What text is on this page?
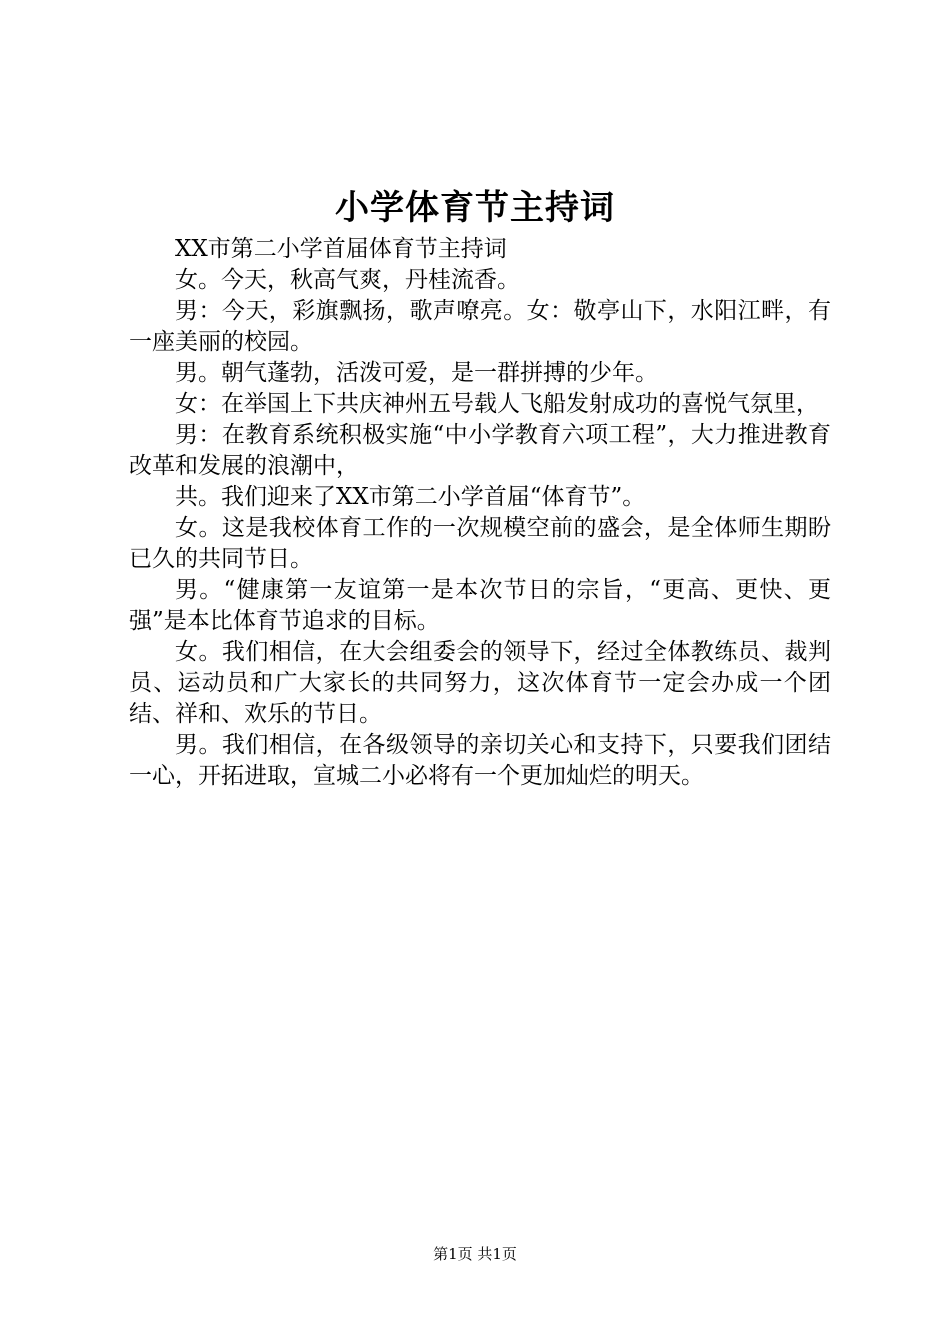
小学体育节主持词

XX市第二小学首届体育节主持词

女。今天，秋高气爽，丹桂流香。

男：今天，彩旗飘扬，歌声嘹亮。女：敬亭山下，水阳江畔，有一座美丽的校园。

男。朝气蓬勃，活泼可爱，是一群拼搏的少年。

女：在举国上下共庆神州五号载人飞船发射成功的喜悦气氛里，

男：在教育系统积极实施“中小学教育六项工程”，大力推进教育改革和发展的浪潮中，

共。我们迎来了XX市第二小学首届“体育节”。

女。这是我校体育工作的一次规模空前的盛会，是全体师生期盼已久的共同节日。

男。“健康第一友谊第一是本次节日的宗旨，“更高、更快、更强”是本比体育节追求的目标。

女。我们相信，在大会组委会的领导下，经过全体教练员、裁判员、运动员和广大家长的共同努力，这次体育节一定会办成一个团结、祥和、欢乐的节日。

男。我们相信，在各级领导的亲切关心和支持下，只要我们团结一心，开拓进取，宣城二小必将有一个更加灿烂的明天。

第1页 共1页
